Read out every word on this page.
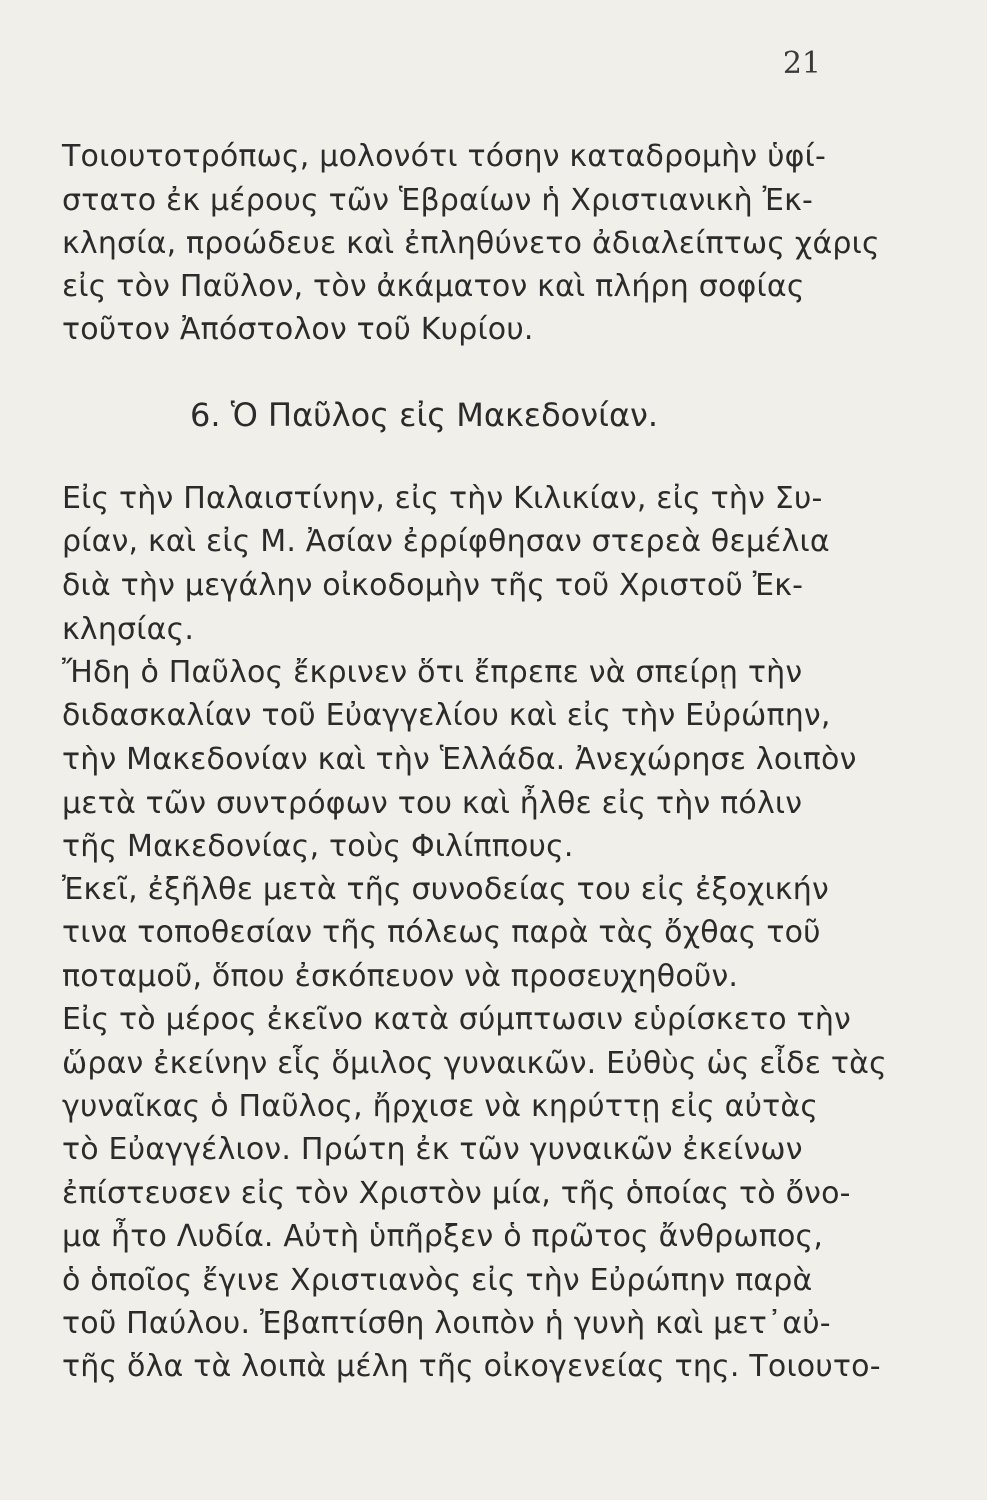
21
Τοιουτοτρόπως, μολονότι τόσην καταδρομὴν ὑφί-
στατο ἐκ μέρους τῶν Ἑβραίων ἡ Χριστιανικὴ Ἐκ-
κλησία, προώδευε καὶ ἐπληθύνετο ἀδιαλείπτως χάρις
εἰς τὸν Παῦλον, τὸν ἀκάματον καὶ πλήρη σοφίας
τοῦτον Ἀπόστολον τοῦ Κυρίου.
6. Ὁ Παῦλος εἰς Μακεδονίαν.
Εἰς τὴν Παλαιστίνην, εἰς τὴν Κιλικίαν, εἰς τὴν Συ-
ρίαν, καὶ εἰς Μ. Ἀσίαν ἐρρίφθησαν στερεὰ θεμέλια
διὰ τὴν μεγάλην οἰκοδομὴν τῆς τοῦ Χριστοῦ Ἐκ-
κλησίας.
Ἤδη ὁ Παῦλος ἔκρινεν ὅτι ἔπρεπε νὰ σπείρῃ τὴν
διδασκαλίαν τοῦ Εὐαγγελίου καὶ εἰς τὴν Εὐρώπην,
τὴν Μακεδονίαν καὶ τὴν Ἑλλάδα. Ἀνεχώρησε λοιπὸν
μετὰ τῶν συντρόφων του καὶ ἦλθε εἰς τὴν πόλιν
τῆς Μακεδονίας, τοὺς Φιλίππους.
Ἐκεῖ, ἐξῆλθε μετὰ τῆς συνοδείας του εἰς ἐξοχικήν
τινα τοποθεσίαν τῆς πόλεως παρὰ τὰς ὄχθας τοῦ
ποταμοῦ, ὅπου ἐσκόπευον νὰ προσευχηθοῦν.
Εἰς τὸ μέρος ἐκεῖνο κατὰ σύμπτωσιν εὑρίσκετο τὴν
ὥραν ἐκείνην εἷς ὅμιλος γυναικῶν. Εὐθὺς ὡς εἶδε τὰς
γυναῖκας ὁ Παῦλος, ἤρχισε νὰ κηρύττῃ εἰς αὐτὰς
τὸ Εὐαγγέλιον. Πρώτη ἐκ τῶν γυναικῶν ἐκείνων
ἐπίστευσεν εἰς τὸν Χριστὸν μία, τῆς ὁποίας τὸ ὄνο-
μα ἦτο Λυδία. Αὐτὴ ὑπῆρξεν ὁ πρῶτος ἄνθρωπος,
ὁ ὁποῖος ἔγινε Χριστιανὸς εἰς τὴν Εὐρώπην παρὰ
τοῦ Παύλου. Ἐβαπτίσθη λοιπὸν ἡ γυνὴ καὶ μετ᾽αὐ-
τῆς ὅλα τὰ λοιπὰ μέλη τῆς οἰκογενείας της. Τοιουτο-
